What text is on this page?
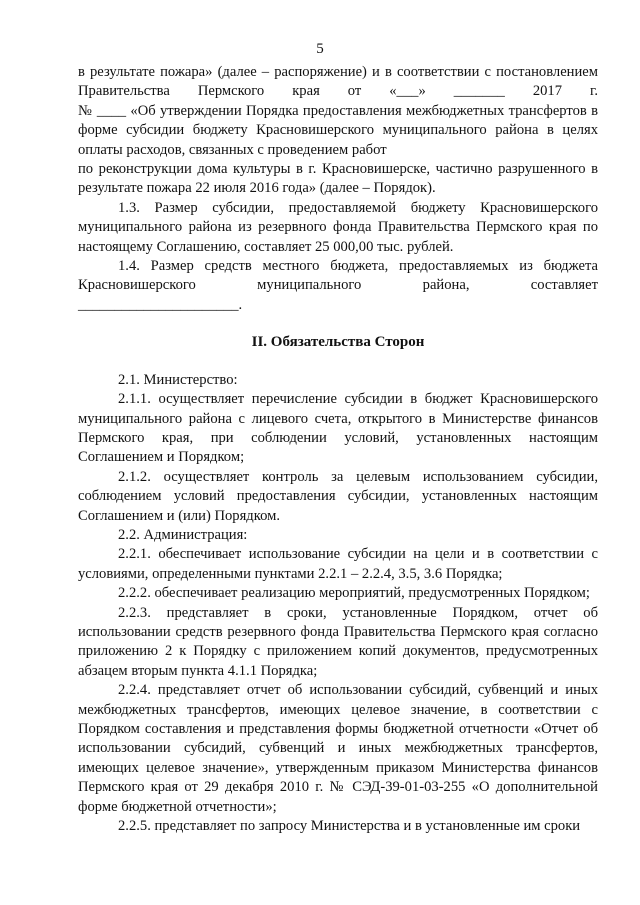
5

в результате пожара» (далее – распоряжение) и в соответствии с постановлением Правительства Пермского края от «___» _______ 2017 г.

№ ____ «Об утверждении Порядка предоставления межбюджетных трансфертов в форме субсидии бюджету Красновишерского муниципального района в целях оплаты расходов, связанных с проведением работ

по реконструкции дома культуры в г. Красновишерске, частично разрушенного в результате пожара 22 июля 2016 года» (далее – Порядок).

1.3. Размер субсидии, предоставляемой бюджету Красновишерского муниципального района из резервного фонда Правительства Пермского края по настоящему Соглашению, составляет 25 000,00 тыс. рублей.

1.4. Размер средств местного бюджета, предоставляемых из бюджета Красновишерского муниципального района, составляет

______________________.

II. Обязательства Сторон

2.1. Министерство:

2.1.1. осуществляет перечисление субсидии в бюджет Красновишерского муниципального района с лицевого счета, открытого в Министерстве финансов Пермского края, при соблюдении условий, установленных настоящим Соглашением и Порядком;

2.1.2. осуществляет контроль за целевым использованием субсидии, соблюдением условий предоставления субсидии, установленных настоящим Соглашением и (или) Порядком.

2.2. Администрация:

2.2.1. обеспечивает использование субсидии на цели и в соответствии с условиями, определенными пунктами 2.2.1 – 2.2.4, 3.5, 3.6 Порядка;

2.2.2. обеспечивает реализацию мероприятий, предусмотренных Порядком;

2.2.3. представляет в сроки, установленные Порядком, отчет об использовании средств резервного фонда Правительства Пермского края согласно приложению 2 к Порядку с приложением копий документов, предусмотренных абзацем вторым пункта 4.1.1 Порядка;

2.2.4. представляет отчет об использовании субсидий, субвенций и иных межбюджетных трансфертов, имеющих целевое значение, в соответствии с Порядком составления и представления формы бюджетной отчетности «Отчет об использовании субсидий, субвенций и иных межбюджетных трансфертов, имеющих целевое значение», утвержденным приказом Министерства финансов Пермского края от 29 декабря 2010 г. № СЭД-39-01-03-255 «О дополнительной форме бюджетной отчетности»;

2.2.5. представляет по запросу Министерства и в установленные им сроки
